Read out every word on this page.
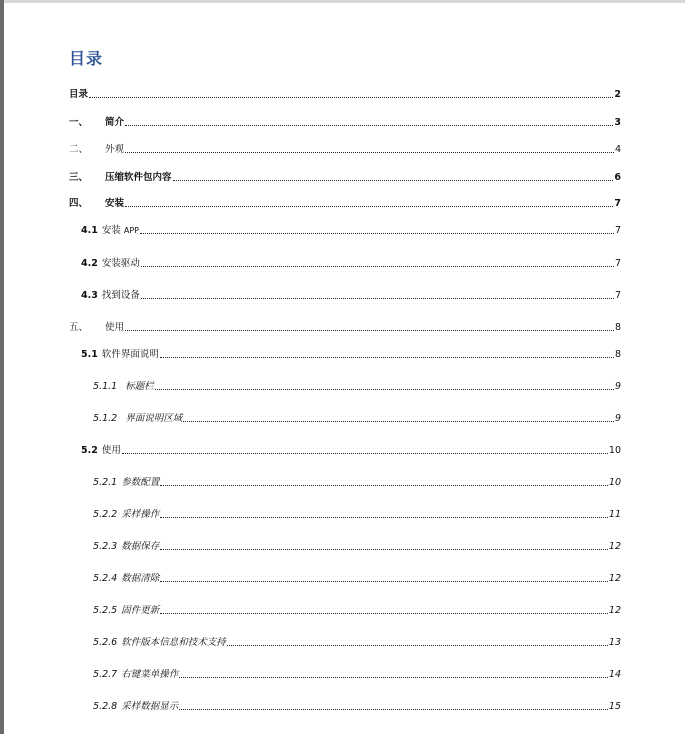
目录
目录	2
一、	简介	3
二、	外观	4
三、	压缩软件包内容	6
四、	安装	7
4.1 安装 APP	7
4.2 安装驱动	7
4.3 找到设备	7
五、	使用	8
5.1 软件界面说明	8
5.1.1 标题栏	9
5.1.2 界面说明区域	9
5.2 使用	10
5.2.1 参数配置	10
5.2.2 采样操作	11
5.2.3 数据保存	12
5.2.4 数据清除	12
5.2.5 固件更新	12
5.2.6 软件版本信息和技术支持	13
5.2.7 右键菜单操作	14
5.2.8 采样数据显示	15
